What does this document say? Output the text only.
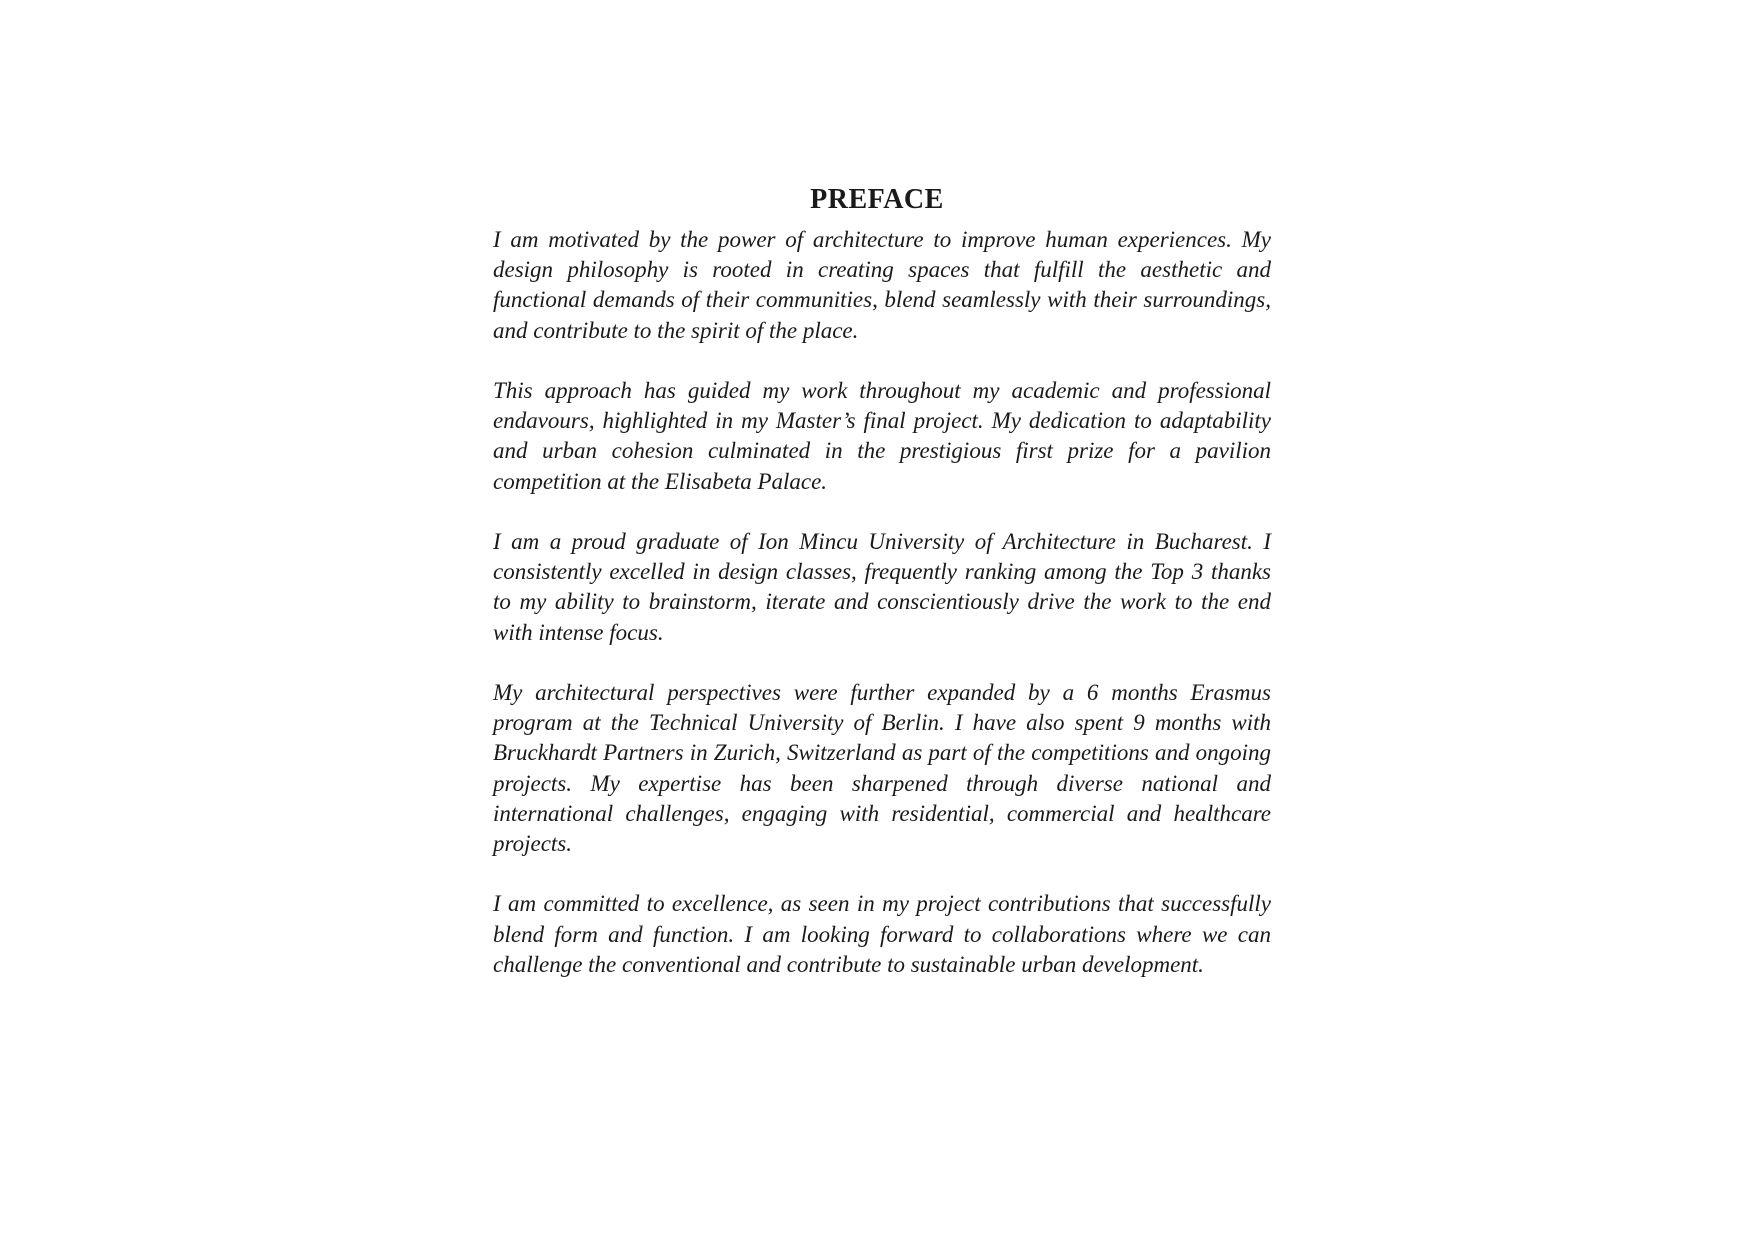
PREFACE

I am motivated by the power of architecture to improve human experiences. My design philosophy is rooted in creating spaces that fulfill the aesthetic and functional demands of their communities, blend seamlessly with their surroundings, and contribute to the spirit of the place.

This approach has guided my work throughout my academic and professional endavours, highlighted in my Master’s final project. My dedication to adaptability and urban cohesion culminated in the prestigious first prize for a pavilion competition at the Elisabeta Palace.

I am a proud graduate of Ion Mincu University of Architecture in Bucharest. I consistently excelled in design classes, frequently ranking among the Top 3 thanks to my ability to brainstorm, iterate and conscientiously drive the work to the end with intense focus.

My architectural perspectives were further expanded by a 6 months Erasmus program at the Technical University of Berlin. I have also spent 9 months with Bruckhardt Partners in Zurich, Switzerland as part of the competitions and ongoing projects. My expertise has been sharpened through diverse national and international challenges, engaging with residential, commercial and healthcare projects.

I am committed to excellence, as seen in my project contributions that successfully blend form and function. I am looking forward to collaborations where we can challenge the conventional and contribute to sustainable urban development.
